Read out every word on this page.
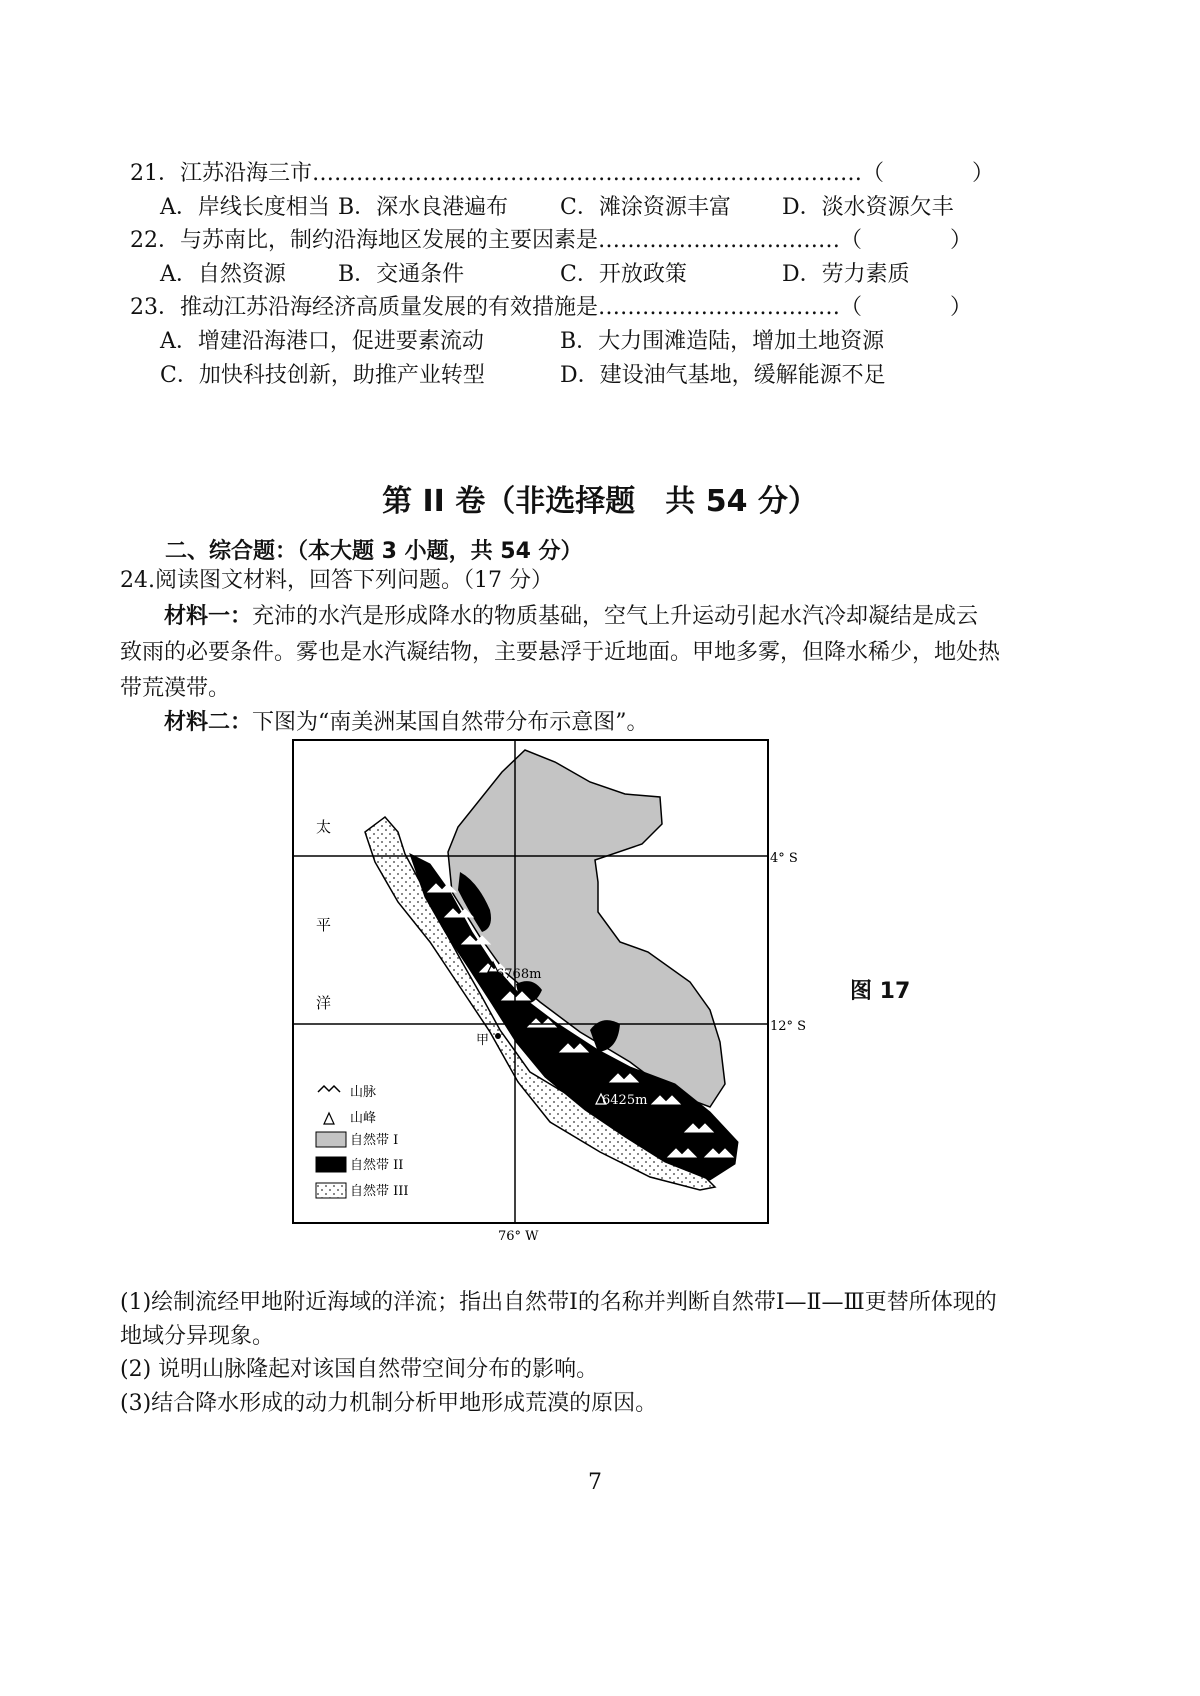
21．江苏沿海三市…………………………………………………………………（　　　　）
A．岸线长度相当 B．深水良港遍布 C．滩涂资源丰富 D．淡水资源欠丰
22．与苏南比，制约沿海地区发展的主要因素是……………………………（　　　　）
A．自然资源 B．交通条件	C．开放政策	D．劳力素质
23．推动江苏沿海经济高质量发展的有效措施是……………………………（　　　　）
A．增建沿海港口，促进要素流动	B．大力围滩造陆，增加土地资源
C．加快科技创新，助推产业转型	D．建设油气基地，缓解能源不足
第 II 卷（非选择题　共 54 分）
二、综合题：（本大题 3 小题，共 54 分）
24.阅读图文材料，回答下列问题。（17 分）
材料一：充沛的水汽是形成降水的物质基础，空气上升运动引起水汽冷却凝结是成云致雨的必要条件。雾也是水汽凝结物，主要悬浮于近地面。甲地多雾，但降水稀少，地处热带荒漠带。
材料二：下图为“南美洲某国自然带分布示意图”。
太
平
洋
4° S
12° S
76° W
6768m
6425m
甲
山脉
山峰
自然带 I
自然带 II
自然带 III
图 17
(1)绘制流经甲地附近海域的洋流；指出自然带Ⅰ的名称并判断自然带Ⅰ—Ⅱ—Ⅲ更替所体现的地域分异现象。
(2) 说明山脉隆起对该国自然带空间分布的影响。
(3)结合降水形成的动力机制分析甲地形成荒漠的原因。
7
